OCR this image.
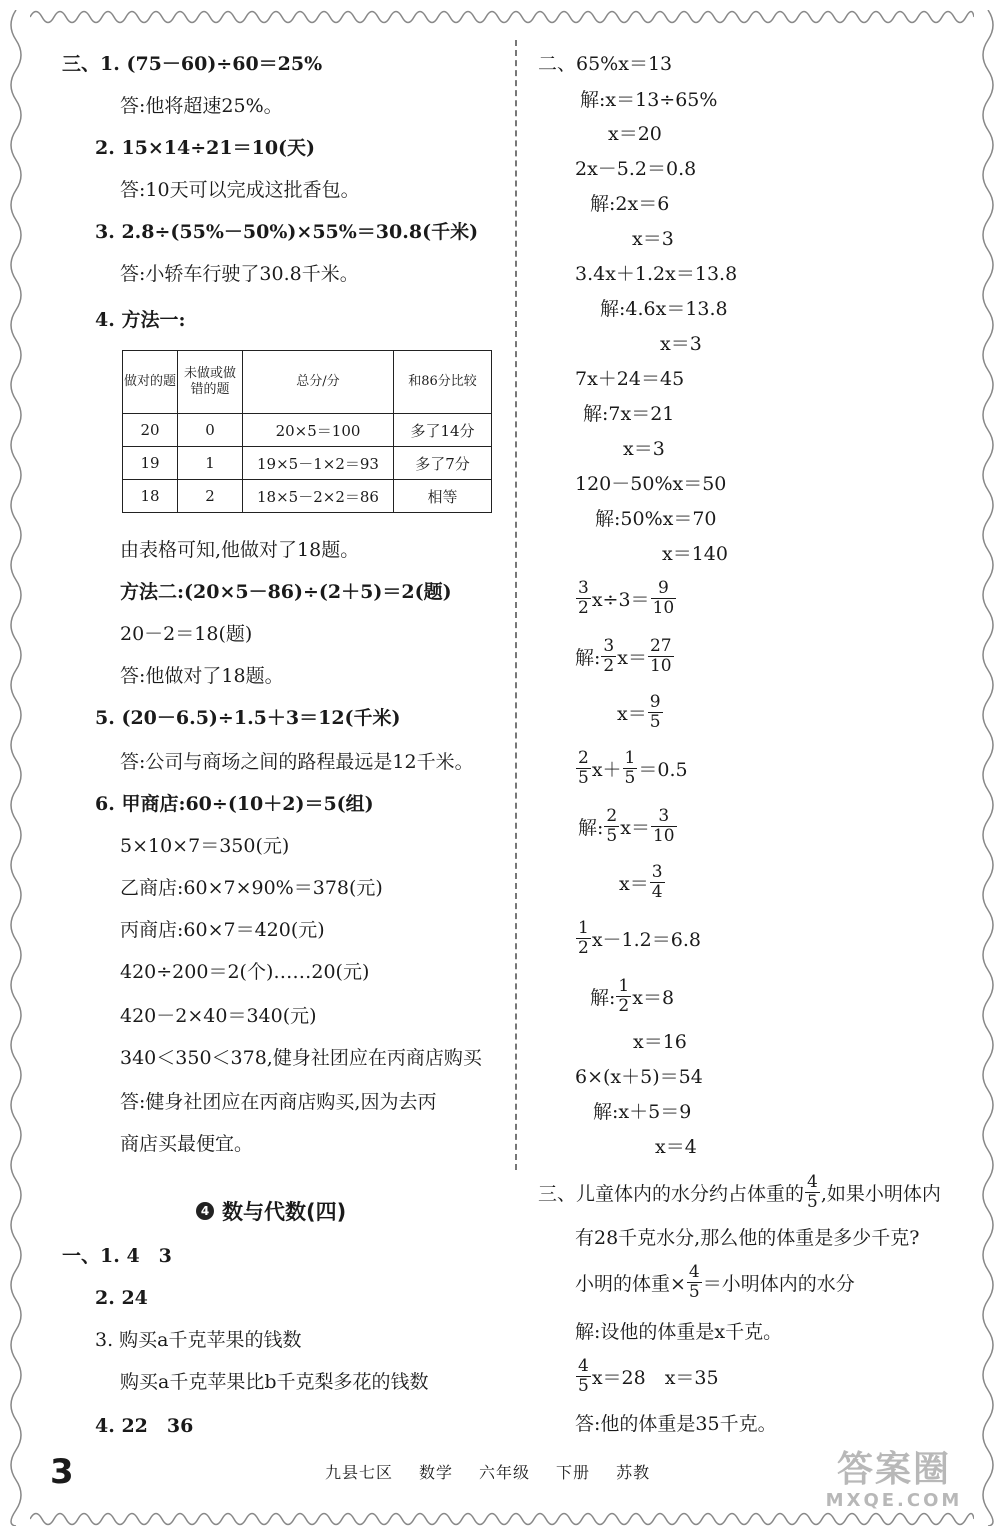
三、1. (75－60)÷60＝25%
答:他将超速25%。
2. 15×14÷21＝10(天)
答:10天可以完成这批香包。
3. 2.8÷(55%－50%)×55%＝30.8(千米)
答:小轿车行驶了30.8千米。
4. 方法一:
做对的题	未做或做错的题	总分/分	和86分比较
20	0	20×5＝100	多了14分
19	1	19×5－1×2＝93	多了7分
18	2	18×5－2×2＝86	相等
由表格可知,他做对了18题。
方法二:(20×5－86)÷(2＋5)＝2(题)
20－2＝18(题)
答:他做对了18题。
5. (20－6.5)÷1.5＋3＝12(千米)
答:公司与商场之间的路程最远是12千米。
6. 甲商店:60÷(10＋2)＝5(组)
5×10×7＝350(元)
乙商店:60×7×90%＝378(元)
丙商店:60×7＝420(元)
420÷200＝2(个)……20(元)
420－2×40＝340(元)
340＜350＜378,健身社团应在丙商店购买
答:健身社团应在丙商店购买,因为去丙
商店买最便宜。
4 数与代数(四)
一、1. 4　3
2. 24
3. 购买a千克苹果的钱数
购买a千克苹果比b千克梨多花的钱数
4. 22　36
二、65%x＝13
解:x＝13÷65%
x＝20
2x－5.2＝0.8
解:2x＝6
x＝3
3.4x＋1.2x＝13.8
解:4.6x＝13.8
x＝3
7x＋24＝45
解:7x＝21
x＝3
120－50%x＝50
解:50%x＝70
x＝140
$\frac{3}{2} x\div 3= \frac{9}{10}$
解: $\frac{3}{2} x= \frac{27}{10}$
$x= \frac{9}{5}$
$\frac{2}{5} x+ \frac{1}{5} =0.5$
解: $\frac{2}{5} x= \frac{3}{10}$
$x= \frac{3}{4}$
$\frac{1}{2} x-1.2=6.8$
解: $\frac{1}{2} x=8$
x＝16
6×(x＋5)＝54
解:x＋5＝9
x＝4
三、儿童体内的水分约占体重的 $\frac{4}{5}$ ,如果小明体内
有28千克水分,那么他的体重是多少千克?
小明的体重× $\frac{4}{5}$ ＝小明体内的水分
解:设他的体重是x千克。
$\frac{4}{5} x=28$　x＝35
答:他的体重是35千克。
3	九县七区 数学 六年级 下册 苏教	答案圈
MXQE.COM
